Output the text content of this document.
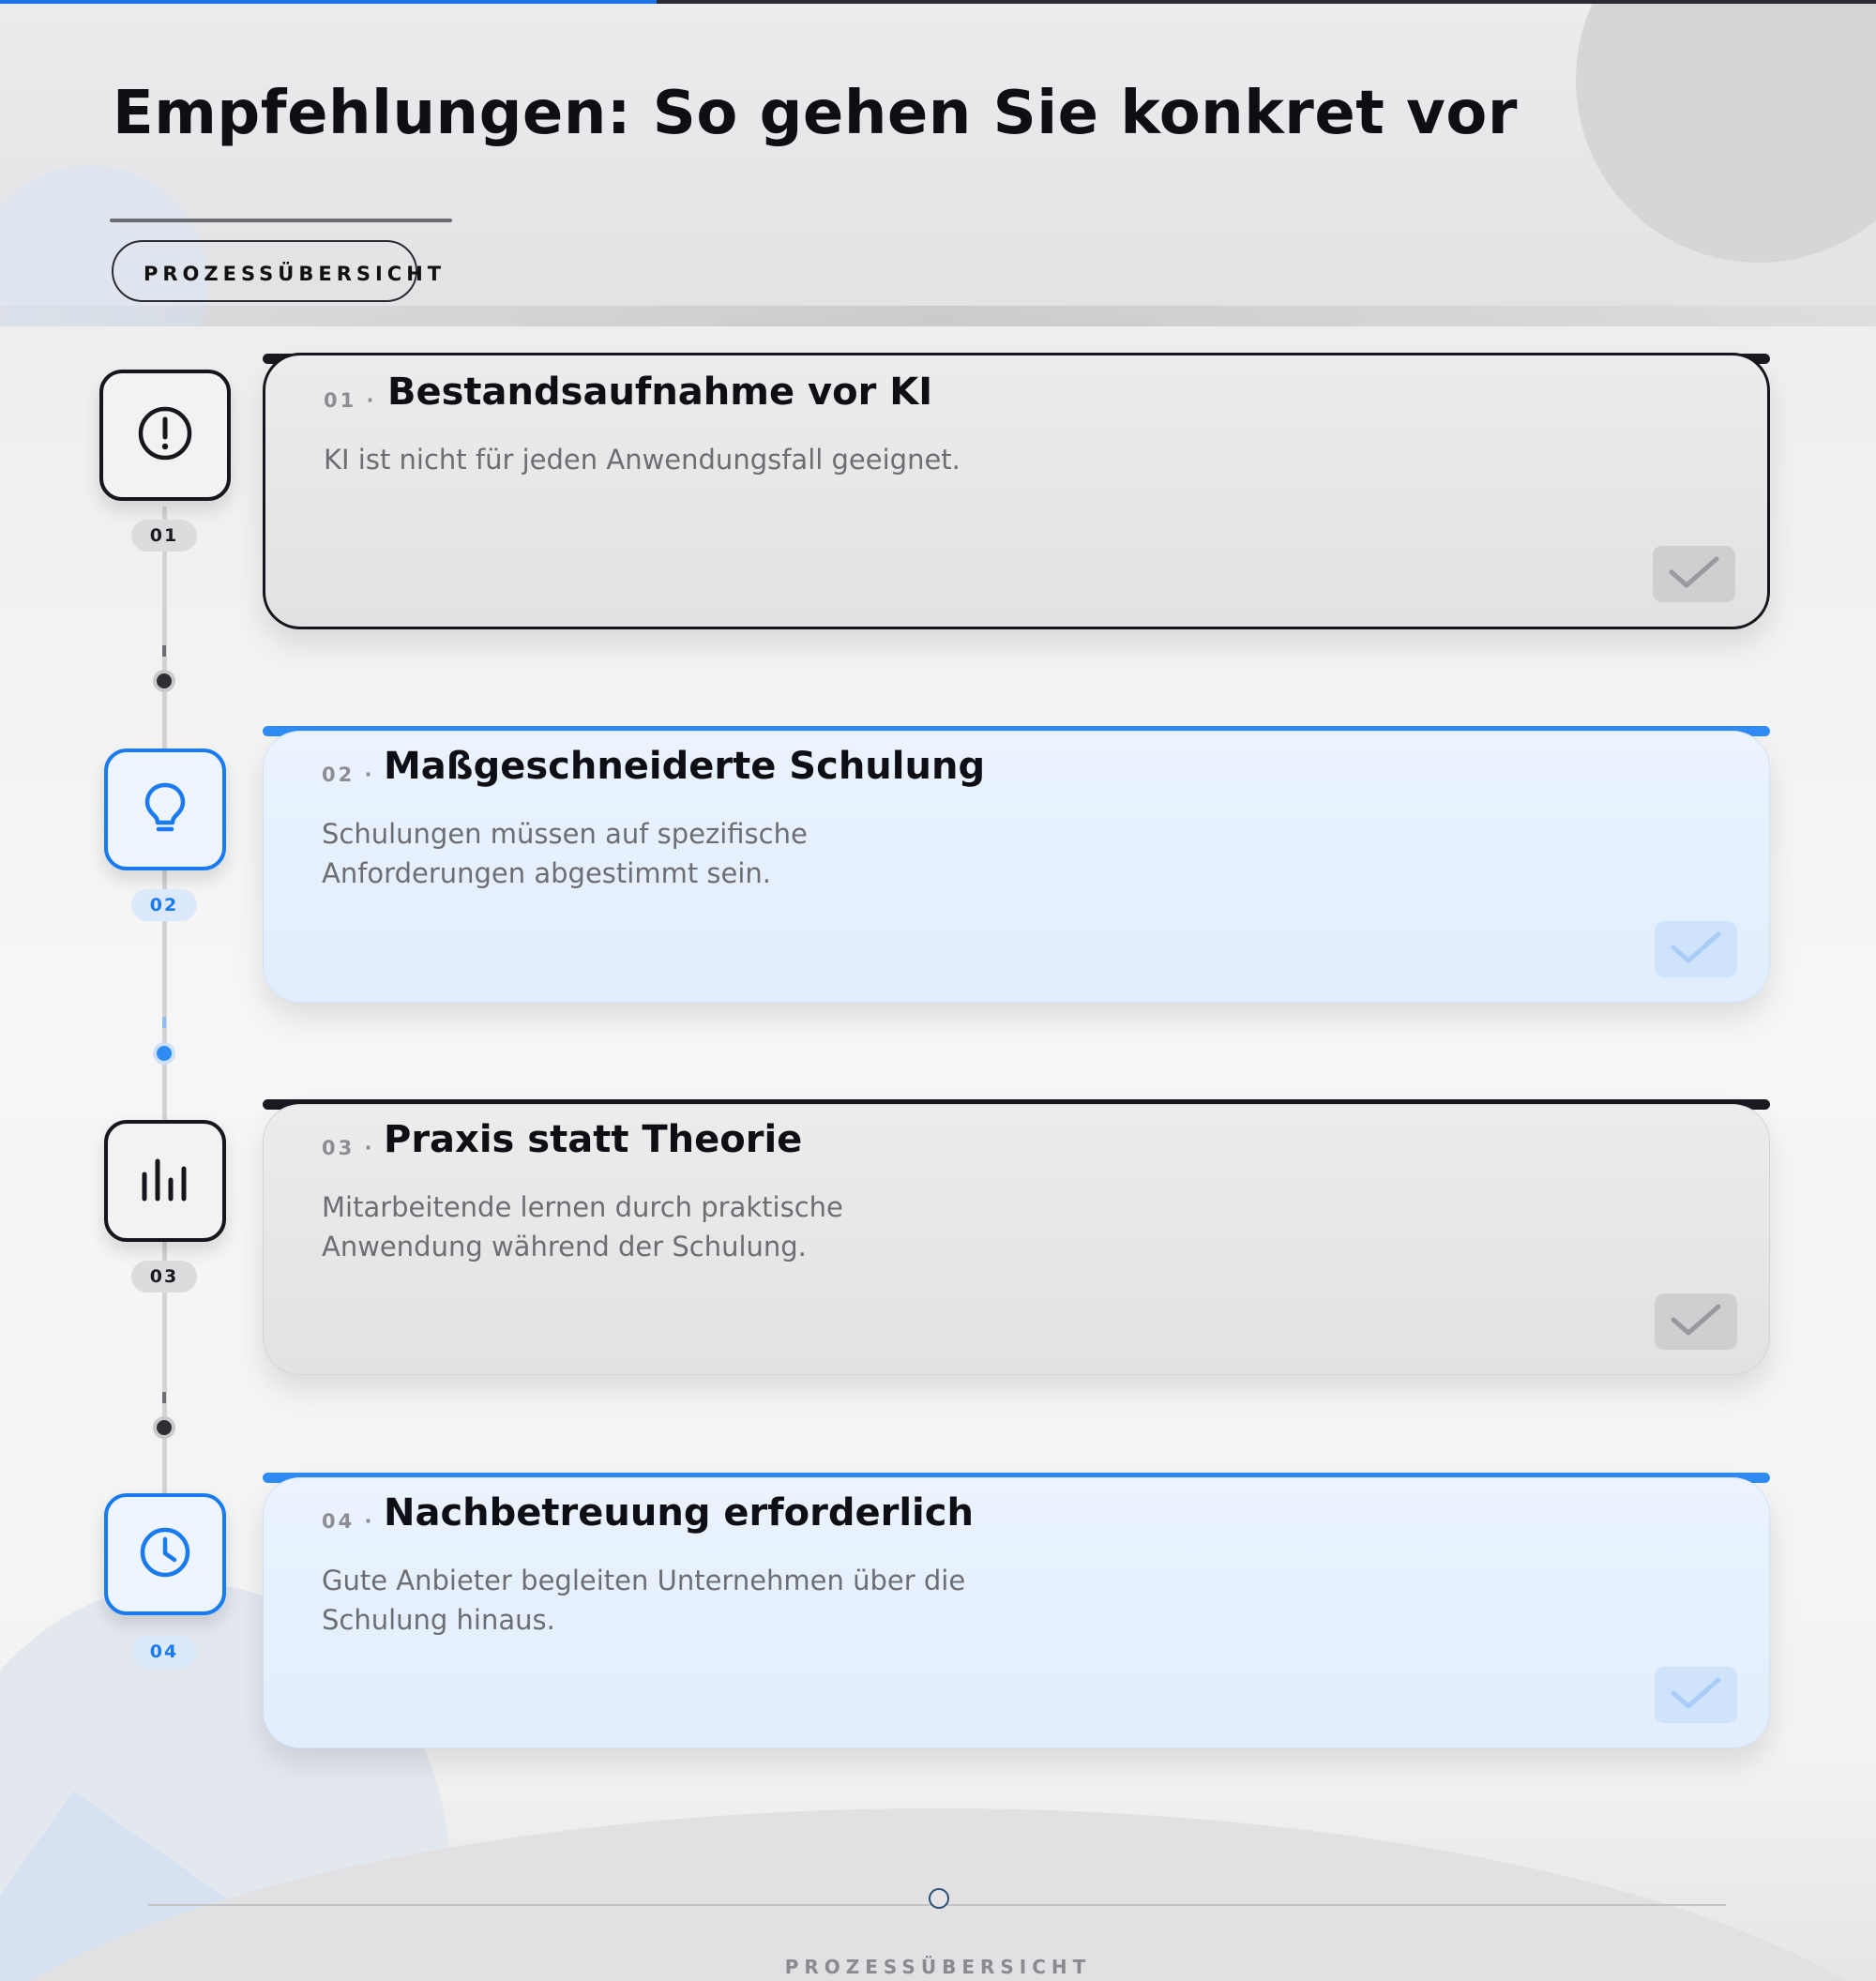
Empfehlungen: So gehen Sie konkret vor
PROZESSÜBERSICHT
01
01 · Bestandsaufnahme vor KI

KI ist nicht für jeden Anwendungsfall geeignet.

02
02 · Maßgeschneiderte Schulung

Schulungen müssen auf spezifische Anforderungen abgestimmt sein.

03
03 · Praxis statt Theorie

Mitarbeitende lernen durch praktische Anwendung während der Schulung.

04
04 · Nachbetreuung erforderlich

Gute Anbieter begleiten Unternehmen über die Schulung hinaus.

PROZESSÜBERSICHT
